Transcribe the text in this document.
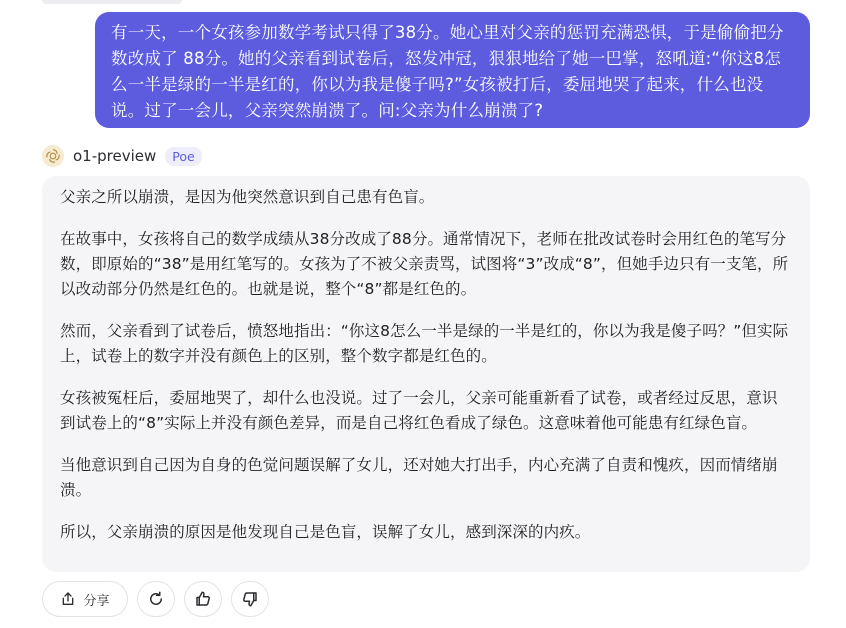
有一天，一个女孩参加数学考试只得了38分。她心里对父亲的惩罚充满恐惧，于是偷偷把分数改成了 88分。她的父亲看到试卷后，怒发冲冠，狠狠地给了她一巴掌，怒吼道:“你这8怎么一半是绿的一半是红的，你以为我是傻子吗?”女孩被打后，委屈地哭了起来，什么也没说。过了一会儿，父亲突然崩溃了。问:父亲为什么崩溃了?
o1-preview	Poe

父亲之所以崩溃，是因为他突然意识到自己患有色盲。

在故事中，女孩将自己的数学成绩从38分改成了88分。通常情况下，老师在批改试卷时会用红色的笔写分数，即原始的“38”是用红笔写的。女孩为了不被父亲责骂，试图将“3”改成“8”，但她手边只有一支笔，所以改动部分仍然是红色的。也就是说，整个“8”都是红色的。

然而，父亲看到了试卷后，愤怒地指出：“你这8怎么一半是绿的一半是红的，你以为我是傻子吗？”但实际上，试卷上的数字并没有颜色上的区别，整个数字都是红色的。

女孩被冤枉后，委屈地哭了，却什么也没说。过了一会儿，父亲可能重新看了试卷，或者经过反思，意识到试卷上的“8”实际上并没有颜色差异，而是自己将红色看成了绿色。这意味着他可能患有红绿色盲。

当他意识到自己因为自身的色觉问题误解了女儿，还对她大打出手，内心充满了自责和愧疚，因而情绪崩溃。

所以，父亲崩溃的原因是他发现自己是色盲，误解了女儿，感到深深的内疚。

分享
